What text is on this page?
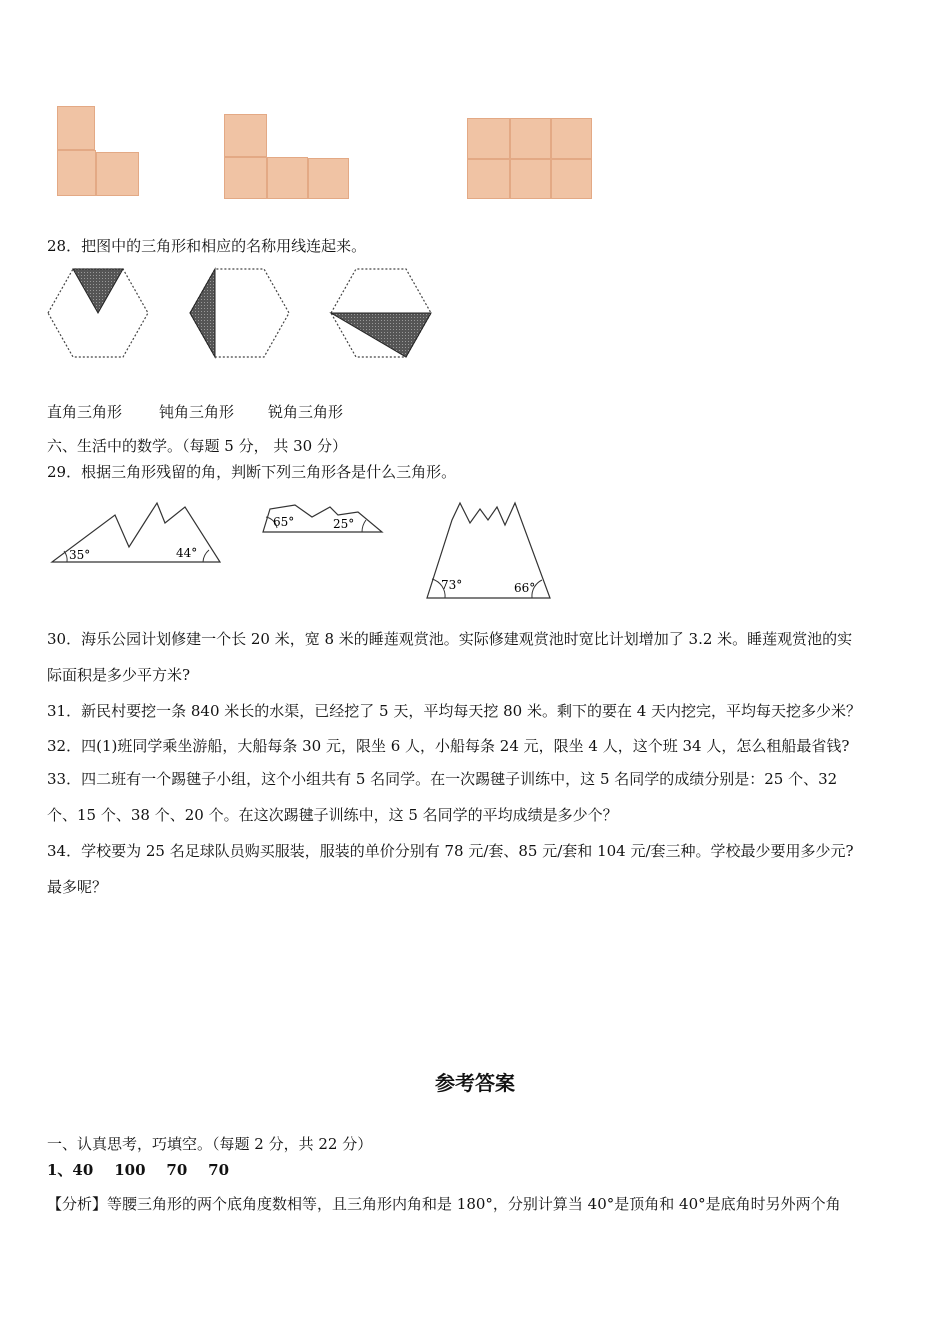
28．把图中的三角形和相应的名称用线连起来。
直角三角形 钝角三角形 锐角三角形
六、生活中的数学。（每题 5 分， 共 30 分）
29．根据三角形残留的角，判断下列三角形各是什么三角形。
35°	44°
65°	25°
73°	66°
30．海乐公园计划修建一个长 20 米，宽 8 米的睡莲观赏池。实际修建观赏池时宽比计划增加了 3.2 米。睡莲观赏池的实
际面积是多少平方米?
31．新民村要挖一条 840 米长的水渠，已经挖了 5 天，平均每天挖 80 米。剩下的要在 4 天内挖完，平均每天挖多少米？
32．四(1)班同学乘坐游船，大船每条 30 元，限坐 6 人，小船每条 24 元，限坐 4 人，这个班 34 人，怎么租船最省钱?
33．四二班有一个踢毽子小组，这个小组共有 5 名同学。在一次踢毽子训练中，这 5 名同学的成绩分别是：25 个、32
个、15 个、38 个、20 个。在这次踢毽子训练中，这 5 名同学的平均成绩是多少个？
34．学校要为 25 名足球队员购买服装，服装的单价分别有 78 元/套、85 元/套和 104 元/套三种。学校最少要用多少元?
最多呢？
参考答案
一、认真思考，巧填空。（每题 2 分，共 22 分）
1、40    100    70    70
【分析】等腰三角形的两个底角度数相等，且三角形内角和是 180°，分别计算当 40°是顶角和 40°是底角时另外两个角
